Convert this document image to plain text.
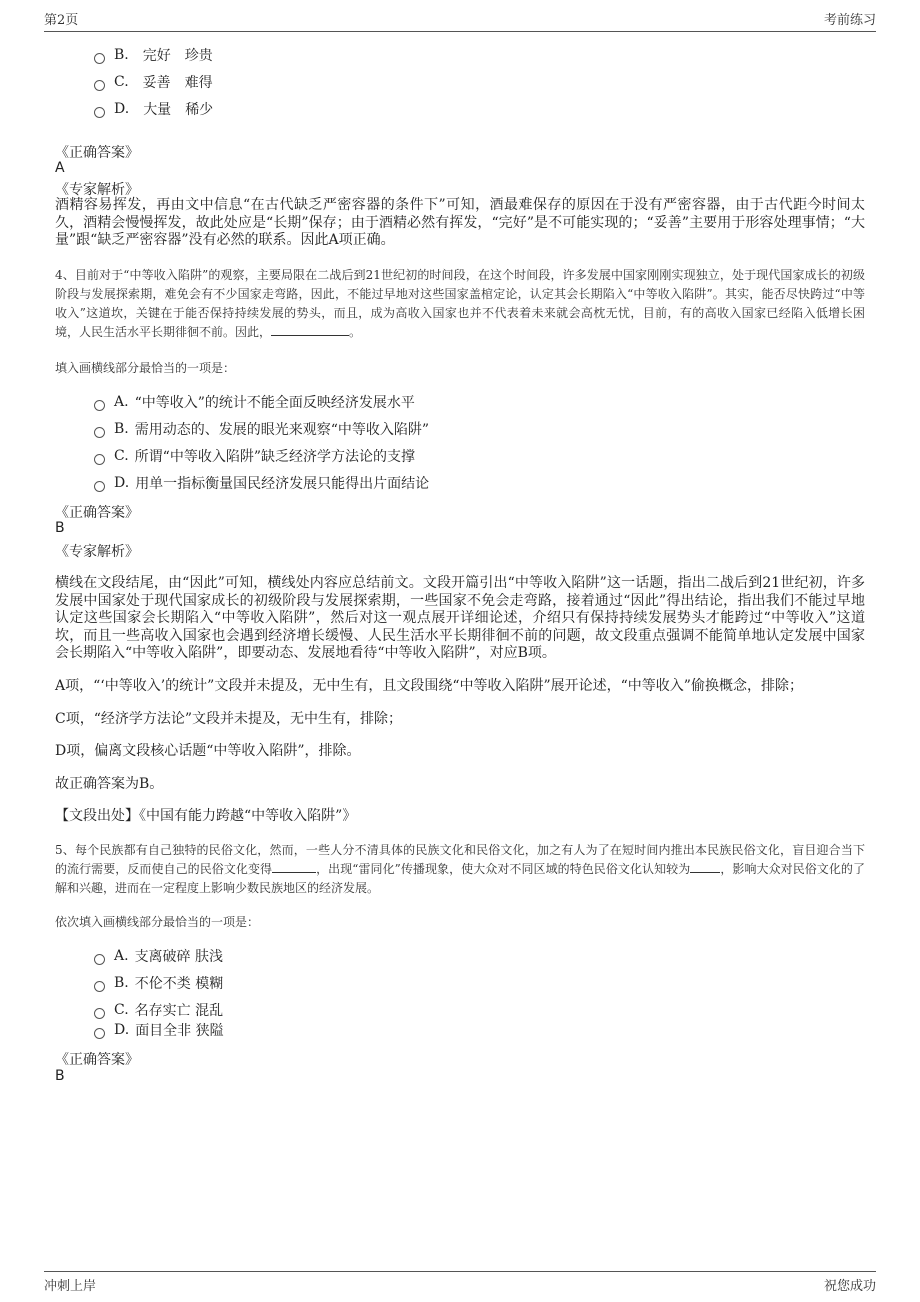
第2页	考前练习
B. 完好 珍贵
C. 妥善 难得
D. 大量 稀少
《正确答案》
A
《专家解析》
酒精容易挥发，再由文中信息“在古代缺乏严密容器的条件下”可知，酒最难保存的原因在于没有严密容器，由于古代距今时间太久，酒精会慢慢挥发，故此处应是“长期”保存；由于酒精必然有挥发，“完好”是不可能实现的；“妥善”主要用于形容处理事情；“大量”跟“缺乏严密容器”没有必然的联系。因此A项正确。
4、目前对于“中等收入陷阱”的观察，主要局限在二战后到21世纪初的时间段，在这个时间段，许多发展中国家刚刚实现独立，处于现代国家成长的初级阶段与发展探索期，难免会有不少国家走弯路，因此，不能过早地对这些国家盖棺定论，认定其会长期陷入“中等收入陷阱”。其实，能否尽快跨过“中等收入”这道坎，关键在于能否保持持续发展的势头，而且，成为高收入国家也并不代表着未来就会高枕无忧，目前，有的高收入国家已经陷入低增长困境，人民生活水平长期徘徊不前。因此，	。
填入画横线部分最恰当的一项是：
A. “中等收入”的统计不能全面反映经济发展水平
B. 需用动态的、发展的眼光来观察“中等收入陷阱”
C. 所谓“中等收入陷阱”缺乏经济学方法论的支撑
D. 用单一指标衡量国民经济发展只能得出片面结论
《正确答案》
B
《专家解析》
横线在文段结尾，由“因此”可知，横线处内容应总结前文。文段开篇引出“中等收入陷阱”这一话题，指出二战后到21世纪初，许多发展中国家处于现代国家成长的初级阶段与发展探索期，一些国家不免会走弯路，接着通过“因此”得出结论，指出我们不能过早地认定这些国家会长期陷入“中等收入陷阱”，然后对这一观点展开详细论述，介绍只有保持持续发展势头才能跨过“中等收入”这道坎，而且一些高收入国家也会遇到经济增长缓慢、人民生活水平长期徘徊不前的问题，故文段重点强调不能简单地认定发展中国家会长期陷入“中等收入陷阱”，即要动态、发展地看待“中等收入陷阱”，对应B项。
A项，“‘中等收入’的统计”文段并未提及，无中生有，且文段围绕“中等收入陷阱”展开论述，“中等收入”偷换概念，排除；
C项，“经济学方法论”文段并未提及，无中生有，排除；
D项，偏离文段核心话题“中等收入陷阱”，排除。
故正确答案为B。
【文段出处】《中国有能力跨越“中等收入陷阱”》
5、每个民族都有自己独特的民俗文化，然而，一些人分不清具体的民族文化和民俗文化，加之有人为了在短时间内推出本民族民俗文化，盲目迎合当下的流行需要，反而使自己的民俗文化变得	，出现“雷同化”传播现象，使大众对不同区域的特色民俗文化认知较为	，影响大众对民俗文化的了解和兴趣，进而在一定程度上影响少数民族地区的经济发展。
依次填入画横线部分最恰当的一项是：
A. 支离破碎 肤浅
B. 不伦不类 模糊
C. 名存实亡 混乱
D. 面目全非 狭隘
《正确答案》
B
冲刺上岸	祝您成功
